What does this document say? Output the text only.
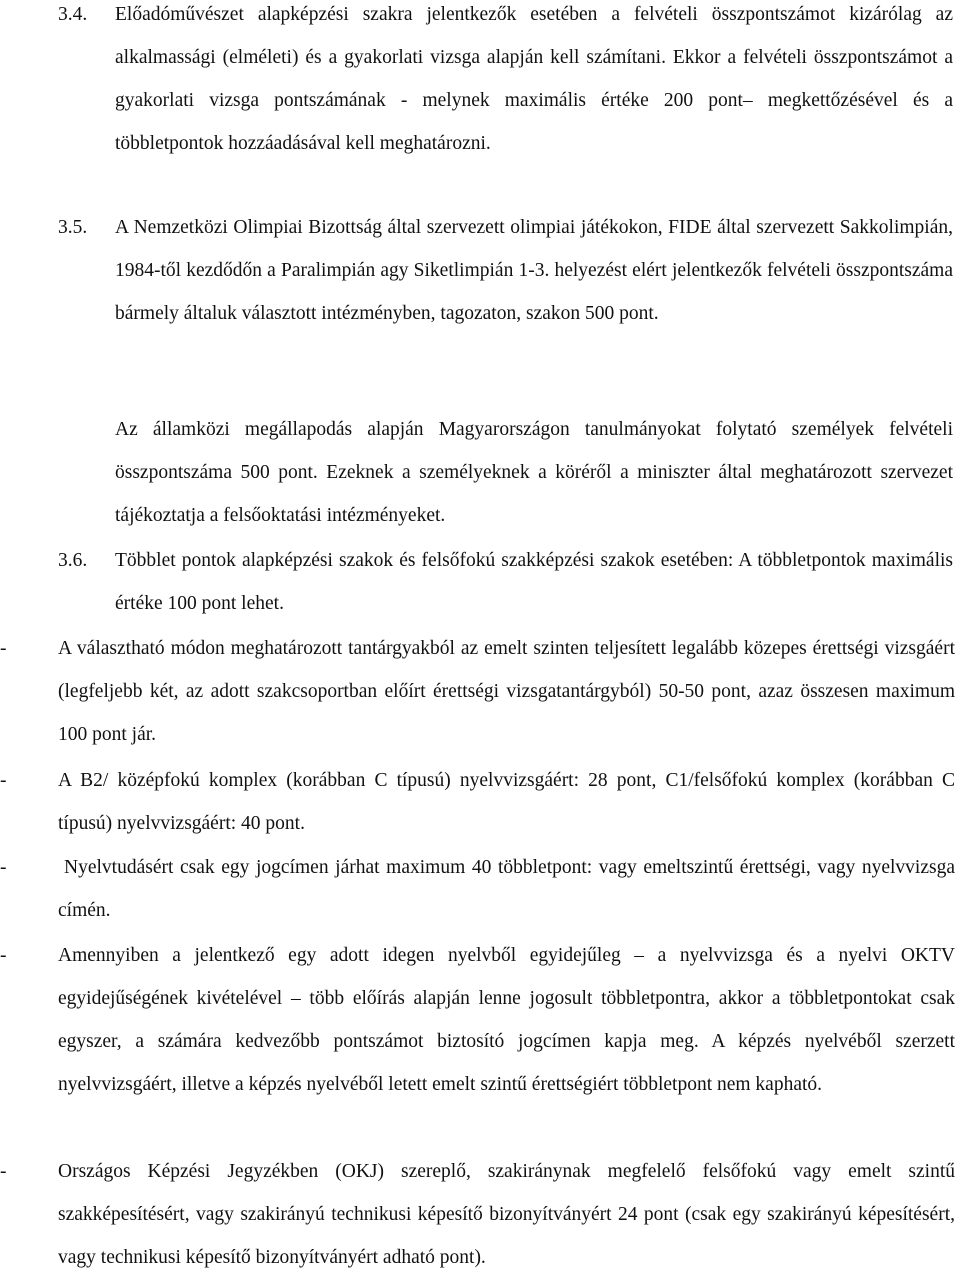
3.4. Előadóművészet alapképzési szakra jelentkezők esetében a felvételi összpontszámot kizárólag az alkalmassági (elméleti) és a gyakorlati vizsga alapján kell számítani. Ekkor a felvételi összpontszámot a gyakorlati vizsga pontszámának - melynek maximális értéke 200 pont– megkettőzésével és a többletpontok hozzáadásával kell meghatározni.

3.5. A Nemzetközi Olimpiai Bizottság által szervezett olimpiai játékokon, FIDE által szervezett Sakkolimpián, 1984-től kezdődőn a Paralimpián agy Siketlimpián 1-3. helyezést elért jelentkezők felvételi összpontszáma bármely általuk választott intézményben, tagozaton, szakon 500 pont.

Az államközi megállapodás alapján Magyarországon tanulmányokat folytató személyek felvételi összpontszáma 500 pont. Ezeknek a személyeknek a köréről a miniszter által meghatározott szervezet tájékoztatja a felsőoktatási intézményeket.

3.6. Többlet pontok alapképzési szakok és felsőfokú szakképzési szakok esetében: A többletpontok maximális értéke 100 pont lehet.

-	A választható módon meghatározott tantárgyakból az emelt szinten teljesített legalább közepes érettségi vizsgáért (legfeljebb két, az adott szakcsoportban előírt érettségi vizsgatantárgyból) 50-50 pont, azaz összesen maximum 100 pont jár.

-	A B2/ középfokú komplex (korábban C típusú) nyelvvizsgáért: 28 pont, C1/felsőfokú komplex (korábban C típusú) nyelvvizsgáért: 40 pont.

-	Nyelvtudásért csak egy jogcímen járhat maximum 40 többletpont: vagy emeltszintű érettségi, vagy nyelvvizsga címén.

-	Amennyiben a jelentkező egy adott idegen nyelvből egyidejűleg – a nyelvvizsga és a nyelvi OKTV egyidejűségének kivételével – több előírás alapján lenne jogosult többletpontra, akkor a többletpontokat csak egyszer, a számára kedvezőbb pontszámot biztosító jogcímen kapja meg. A képzés nyelvéből szerzett nyelvvizsgáért, illetve a képzés nyelvéből letett emelt szintű érettségiért többletpont nem kapható.

-	Országos Képzési Jegyzékben (OKJ) szereplő, szakiránynak megfelelő felsőfokú vagy emelt szintű szakképesítésért, vagy szakirányú technikusi képesítő bizonyítványért 24 pont (csak egy szakirányú képesítésért, vagy technikusi képesítő bizonyítványért adható pont).
